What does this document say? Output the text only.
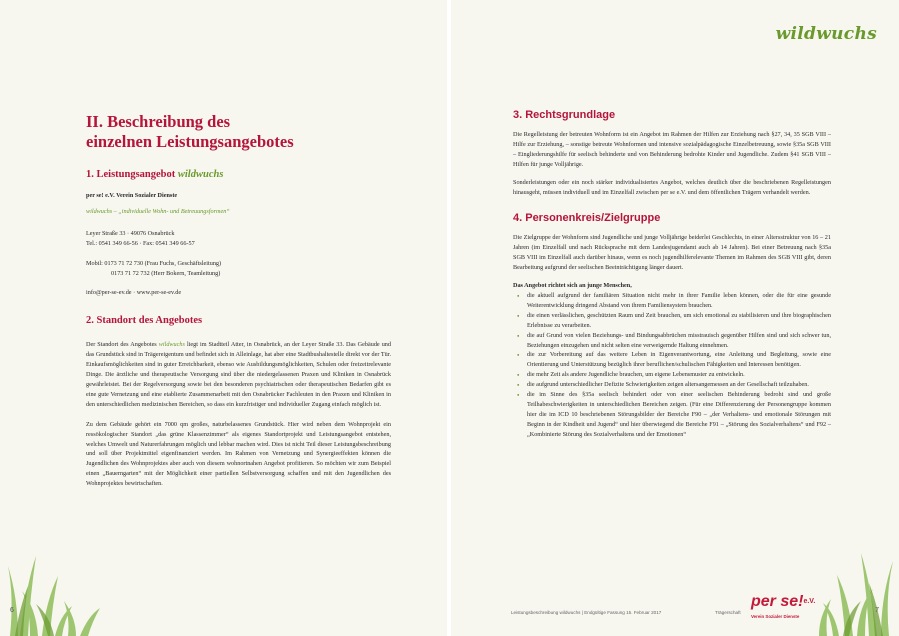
6
II. Beschreibung des
einzelnen Leistungsangebotes
1. Leistungsangebot wildwuchs

per se! e.V. Verein Sozialer Dienste

wildwuchs – „individuelle Wohn- und Betreuungsformen“

Leyer Straße 33 · 49076 Osnabrück

Tel.: 0541 349 66-56 · Fax: 0541 349 66-57

Mobil: 0173 71 72 730 (Frau Fuchs, Geschäftsleitung)

0173 71 72 732 (Herr Bokern, Teamleitung)

info@per-se-ev.de · www.per-se-ev.de

2. Standort des Angebotes

Der Standort des Angebotes wildwuchs liegt im Stadtteil Atter, in Osnabrück, an der Leyer Straße 33. Das Gebäude und das Grundstück sind in Trägereigentum und befindet sich in Alleinlage, hat aber eine Stadtbushaltestelle direkt vor der Tür. Einkaufsmöglichkeiten sind in guter Erreichbarkeit, ebenso wie Ausbildungsmöglichkeiten, Schulen oder freizeitrelevante Dinge. Die ärztliche und therapeutische Versorgung sind über die niedergelassenen Praxen und Kliniken in Osnabrück gewährleistet. Bei der Regelversorgung sowie bei den besonderen psychiatrischen oder therapeutischen Bedarfen gibt es eine gute Vernetzung und eine etablierte Zusammenarbeit mit den Osnabrücker Fachleuten in den Praxen und Kliniken in den unterschiedlichen medizinischen Bereichen, so dass ein kurzfristiger und individueller Zugang einfach möglich ist.

Zu dem Gebäude gehört ein 7000 qm großes, naturbelassenes Grundstück. Hier wird neben dem Wohnprojekt ein ressökologischer Standort „das grüne Klassenzimmer“ als eigenes Standortprojekt und Leistungsangebot entstehen, welches Umwelt und Naturerfahrungen möglich und lebbar machen wird. Dies ist nicht Teil dieser Leistungsbeschreibung und soll über Projektmittel eigenfinanziert werden. Im Rahmen von Vernetzung und Synergieeffekten können die Jugendlichen des Wohnprojektes aber auch von diesem wohnortnahen Angebot profitieren. So möchten wir zum Beispiel einen „Bauerngarten“ mit der Möglichkeit einer partiellen Selbstversorgung schaffen und mit den Jugendlichen des Wohnprojektes bewirtschaften.

wildwuchs
Leistungsbeschreibung wildwuchs | Endgültige Fassung 15. Februar 2017	Trägerschaft
per se!$^{e.V.}$
Verein Sozialer Dienste
7
3. Rechtsgrundlage

Die Regelleistung der betreuten Wohnform ist ein Angebot im Rahmen der Hilfen zur Erziehung nach §27, 34, 35 SGB VIII – Hilfe zur Erziehung, – sonstige betreute Wohnformen und intensive sozialpädagogische Einzelbetreuung, sowie §35a SGB VIII – Eingliederungshilfe für seelisch behinderte und von Behinderung bedrohte Kinder und Jugendliche. Zudem §41 SGB VIII – Hilfen für junge Volljährige.

Sonderleistungen oder ein noch stärker individualisiertes Angebot, welches deutlich über die beschriebenen Regelleistungen hinausgeht, müssen individuell und im Einzelfall zwischen per se e.V. und dem öffentlichen Trägern verhandelt werden.

4. Personenkreis/Zielgruppe

Die Zielgruppe der Wohnform sind Jugendliche und junge Volljährige beiderlei Geschlechts, in einer Altersstruktur von 16 – 21 Jahren (im Einzelfall und nach Rücksprache mit dem Landesjugendamt auch ab 14 Jahren). Bei einer Betreuung nach §35a SGB VIII im Einzelfall auch darüber hinaus, wenn es noch jugendhilferelevante Themen im Rahmen des SGB VIII gibt, deren Bearbeitung aufgrund der seelischen Beeinträchtigung länger dauert.

Das Angebot richtet sich an junge Menschen,

● die aktuell aufgrund der familiären Situation nicht mehr in ihrer Familie leben können, oder die für eine gesunde Weiterentwicklung dringend Abstand von ihrem Familiensystem brauchen.
● die einen verlässlichen, geschützten Raum und Zeit brauchen, um sich emotional zu stabilisieren und ihre biographischen Erlebnisse zu verarbeiten.
● die auf Grund von vielen Beziehungs- und Bindungsabbrüchen misstrauisch gegenüber Hilfen sind und sich schwer tun, Beziehungen einzugehen und nicht selten eine verweigernde Haltung einnehmen.
● die zur Vorbereitung auf das weitere Leben in Eigenverantwortung, eine Anleitung und Begleitung, sowie eine Orientierung und Unterstützung bezüglich ihrer beruflichen/schulischen Fähigkeiten und Interessen benötigen.
● die mehr Zeit als andere Jugendliche brauchen, um eigene Lebensmuster zu entwickeln.
● die aufgrund unterschiedlicher Defizite Schwierigkeiten zeigen altersangemessen an der Gesellschaft teilzuhaben.
● die im Sinne des §35a seelisch behindert oder von einer seelischen Behinderung bedroht sind und große Teilhabeschwierigkeiten in unterschiedlichen Bereichen zeigen. (Für eine Differenzierung der Personengruppe kommen hier die im ICD 10 beschriebenen Störungsbilder der Bereiche F90 – „der Verhaltens- und emotionale Störungen mit Beginn in der Kindheit und Jugend“ und hier überwiegend die Bereiche F91 – „Störung des Sozialverhaltens“ und F92 – „Kombinierte Störung des Sozialverhaltens und der Emotionen“
